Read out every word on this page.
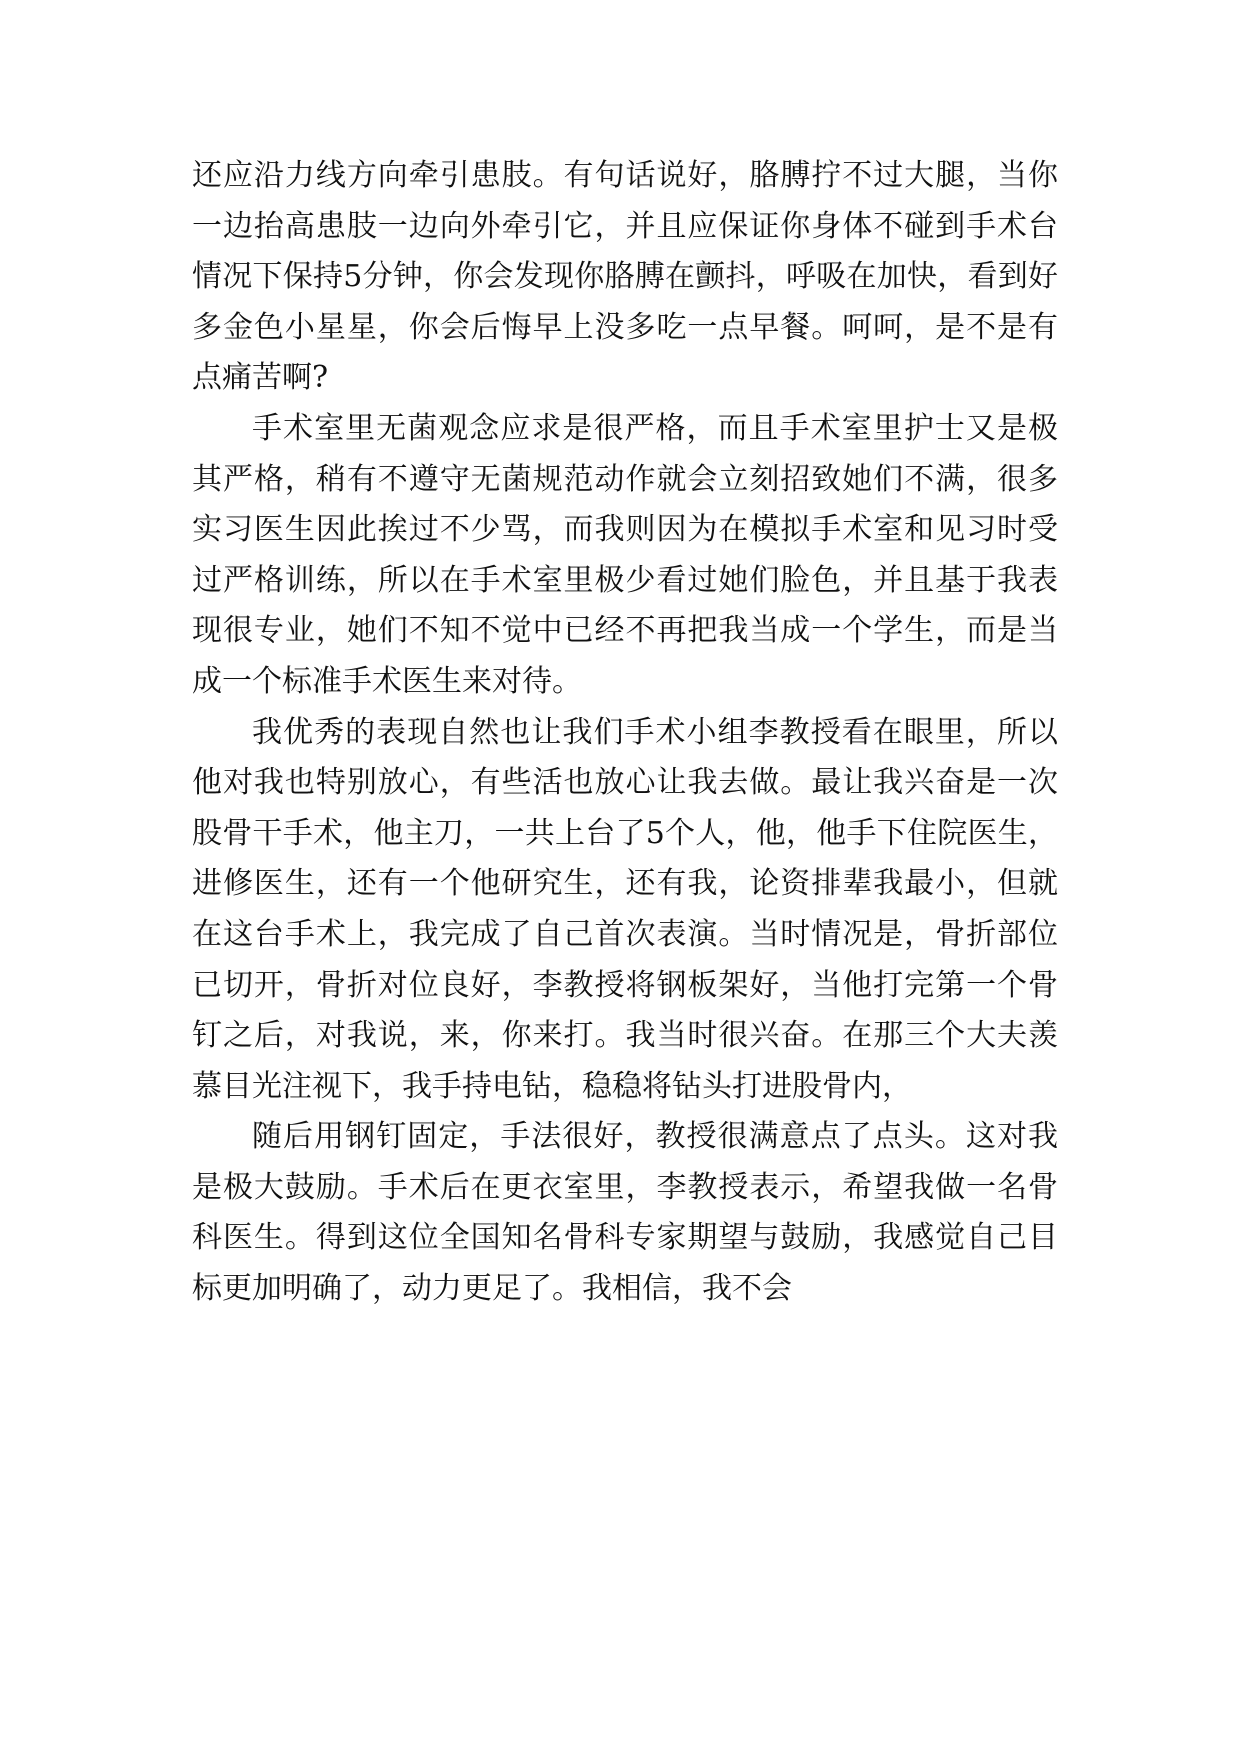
还应沿力线方向牵引患肢。有句话说好，胳膊拧不过大腿，当你一边抬高患肢一边向外牵引它，并且应保证你身体不碰到手术台情况下保持5分钟，你会发现你胳膊在颤抖，呼吸在加快，看到好多金色小星星，你会后悔早上没多吃一点早餐。呵呵，是不是有点痛苦啊?

手术室里无菌观念应求是很严格，而且手术室里护士又是极其严格，稍有不遵守无菌规范动作就会立刻招致她们不满，很多实习医生因此挨过不少骂，而我则因为在模拟手术室和见习时受过严格训练，所以在手术室里极少看过她们脸色，并且基于我表现很专业，她们不知不觉中已经不再把我当成一个学生，而是当成一个标准手术医生来对待。

我优秀的表现自然也让我们手术小组李教授看在眼里，所以他对我也特别放心，有些活也放心让我去做。最让我兴奋是一次股骨干手术，他主刀，一共上台了5个人，他，他手下住院医生，进修医生，还有一个他研究生，还有我，论资排辈我最小，但就在这台手术上，我完成了自己首次表演。当时情况是，骨折部位已切开，骨折对位良好，李教授将钢板架好，当他打完第一个骨钉之后，对我说，来，你来打。我当时很兴奋。在那三个大夫羡慕目光注视下，我手持电钻，稳稳将钻头打进股骨内，

随后用钢钉固定，手法很好，教授很满意点了点头。这对我是极大鼓励。手术后在更衣室里，李教授表示，希望我做一名骨科医生。得到这位全国知名骨科专家期望与鼓励，我感觉自己目标更加明确了，动力更足了。我相信，我不会
